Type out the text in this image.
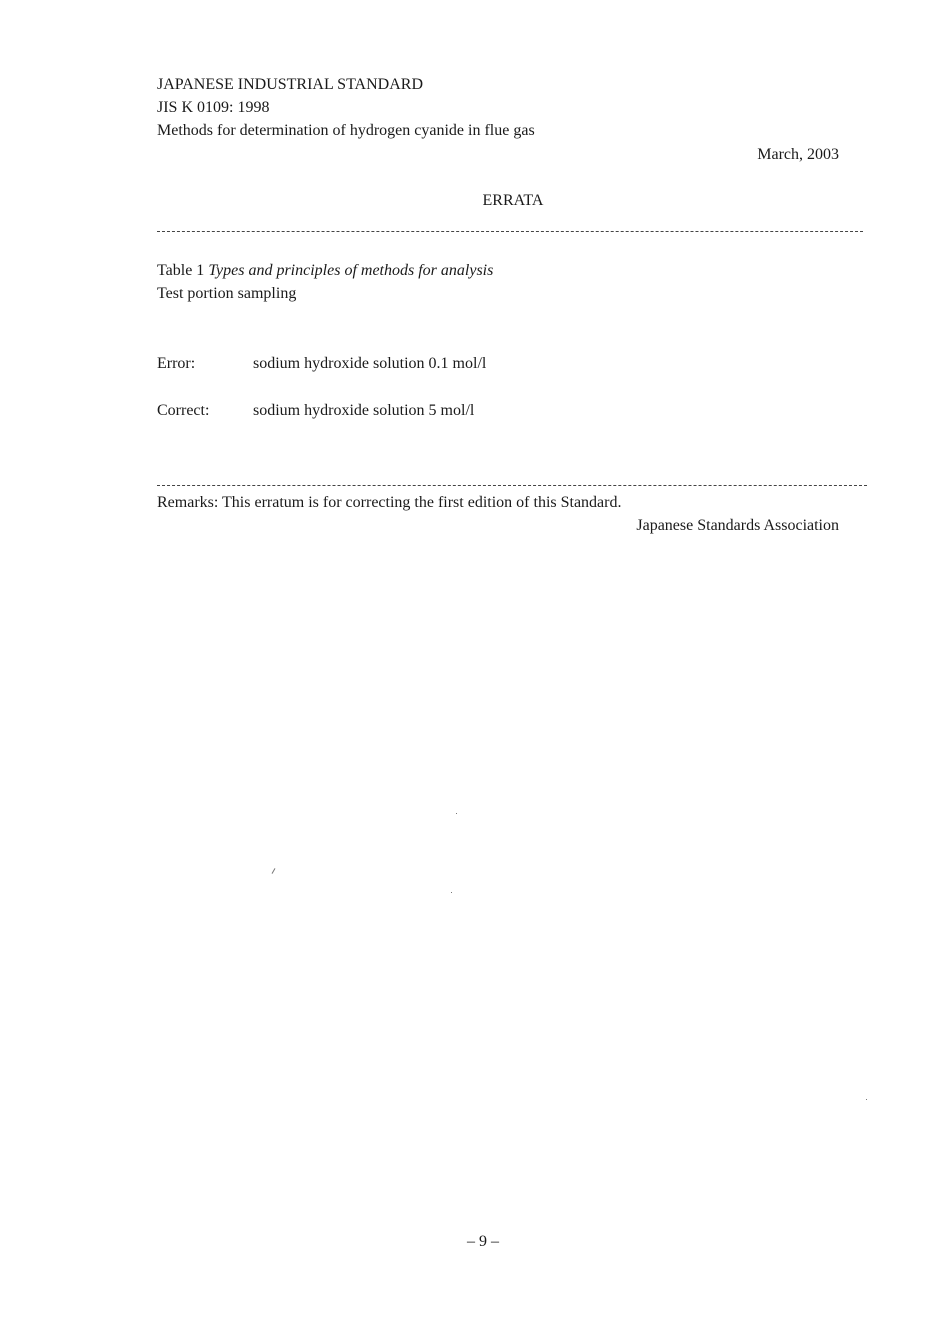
JAPANESE INDUSTRIAL STANDARD
JIS K 0109: 1998
Methods for determination of hydrogen cyanide in flue gas
March, 2003
ERRATA
Table 1 Types and principles of methods for analysis
Test portion sampling
Error:	sodium hydroxide solution 0.1 mol/l
Correct:	sodium hydroxide solution 5 mol/l
Remarks: This erratum is for correcting the first edition of this Standard.
Japanese Standards Association
– 9 –
